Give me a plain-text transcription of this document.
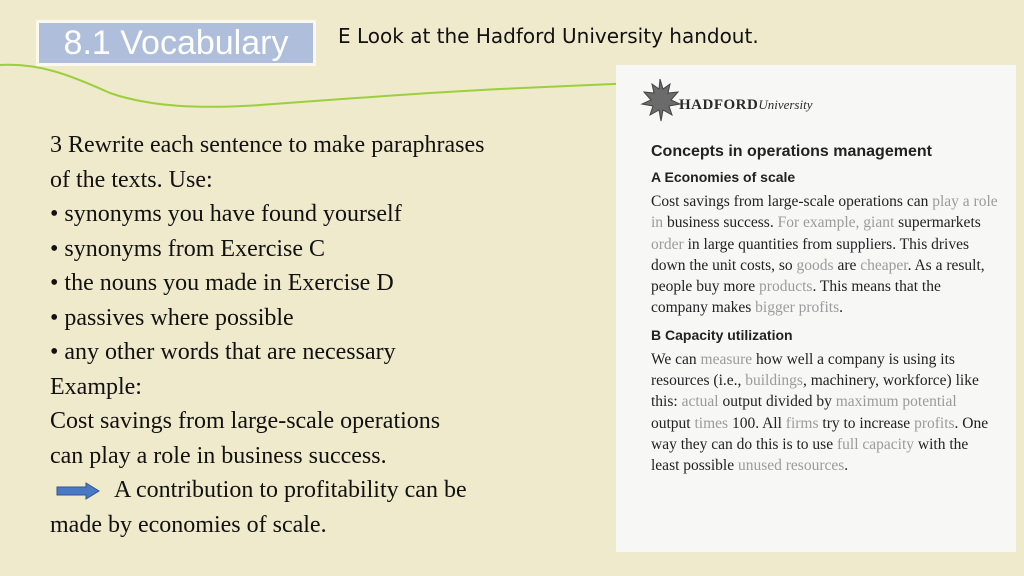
8.1 Vocabulary	E Look at the Hadford University handout.
3 Rewrite each sentence to make paraphrases
of the texts. Use:
• synonyms you have found yourself
• synonyms from Exercise C
• the nouns you made in Exercise D
• passives where possible
• any other words that are necessary
Example:
Cost savings from large-scale operations
can play a role in business success.
A contribution to profitability can be
made by economies of scale.
HADFORDUniversity
Concepts in operations management
A Economies of scale
Cost savings from large-scale operations can play a role in business success. For example, giant supermarkets order in large quantities from suppliers. This drives down the unit costs, so goods are cheaper. As a result, people buy more products. This means that the company makes bigger profits.
B Capacity utilization
We can measure how well a company is using its resources (i.e., buildings, machinery, workforce) like this: actual output divided by maximum potential output times 100. All firms try to increase profits. One way they can do this is to use full capacity with the least possible unused resources.
